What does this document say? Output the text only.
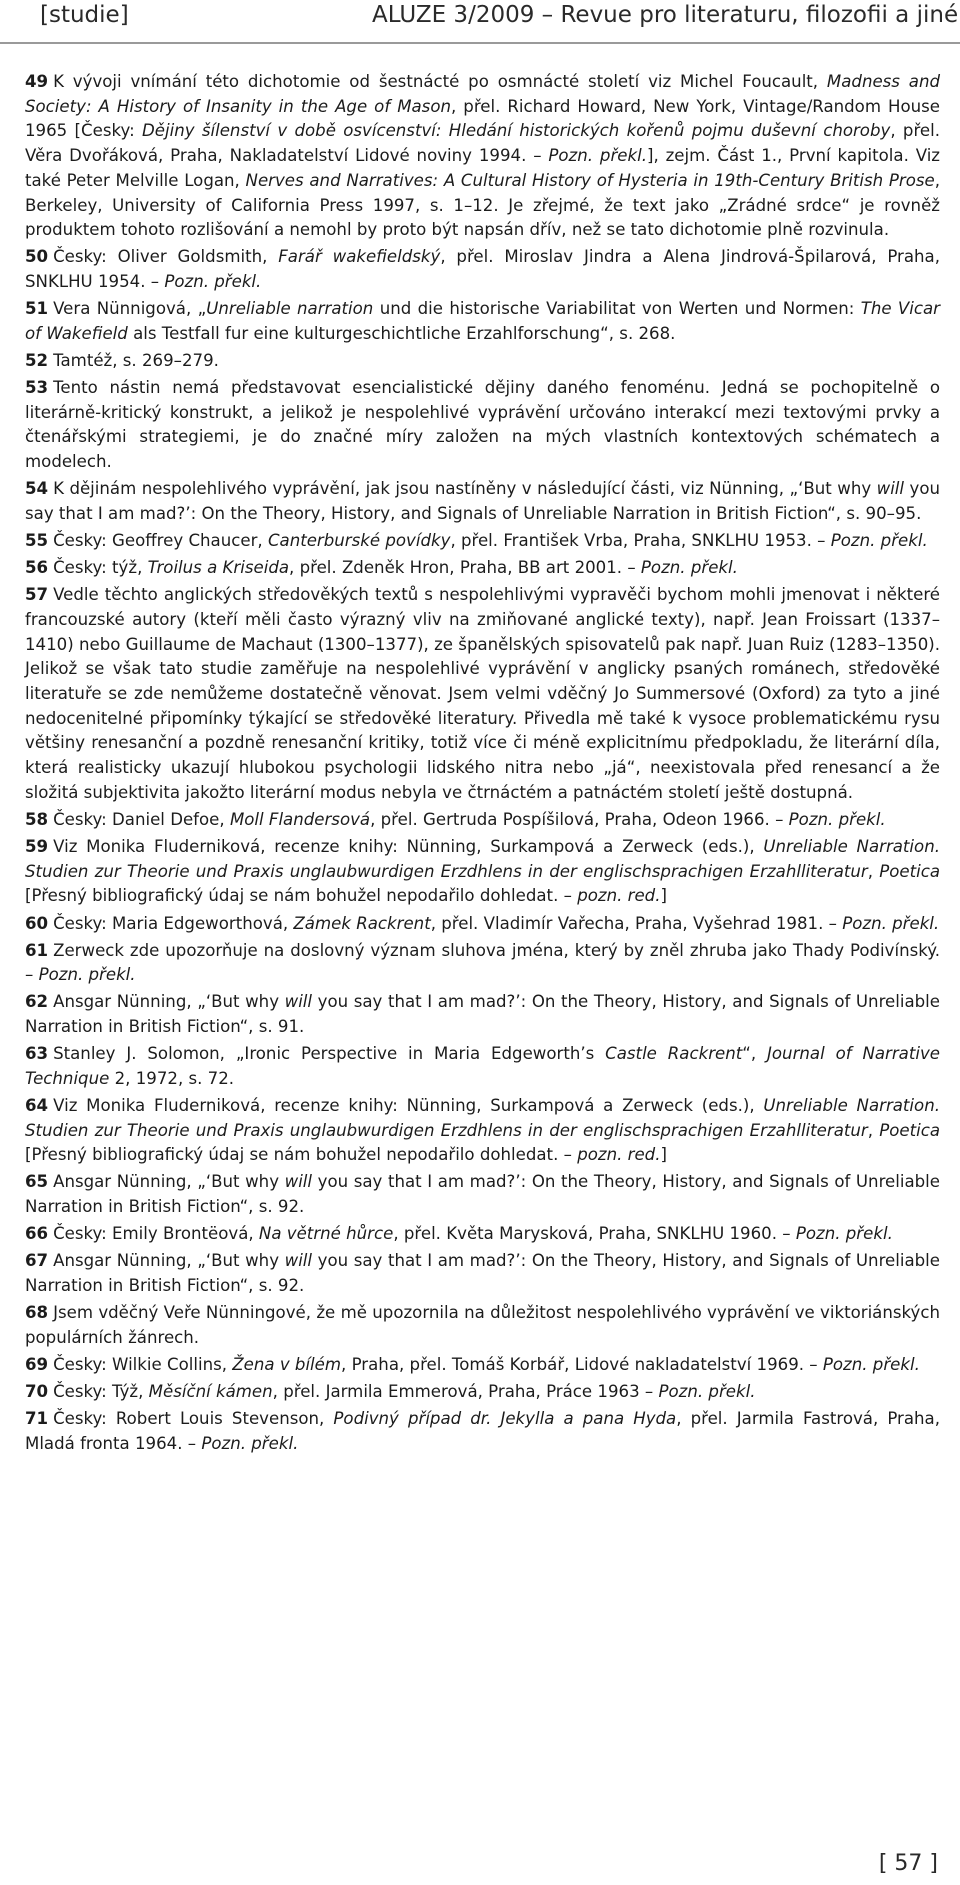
[studie]	ALUZE 3/2009 – Revue pro literaturu, filozofii a jiné

49 K vývoji vnímání této dichotomie od šestnácté po osmnácté století viz Michel Foucault, Madness and Society: A History of Insanity in the Age of Mason, přel. Richard Howard, New York, Vintage/Random House 1965 [Česky: Dějiny šílenství v době osvícenství: Hledání historických kořenů pojmu duševní choroby, přel. Věra Dvořáková, Praha, Nakladatelství Lidové noviny 1994. – Pozn. překl.], zejm. Část 1., První kapitola. Viz také Peter Melville Logan, Nerves and Narratives: A Cultural History of Hysteria in 19th-Century British Prose, Berkeley, University of California Press 1997, s. 1–12. Je zřejmé, že text jako „Zrádné srdce“ je rovněž produktem tohoto rozlišování a nemohl by proto být napsán dřív, než se tato dichotomie plně rozvinula.

50 Česky: Oliver Goldsmith, Farář wakefieldský, přel. Miroslav Jindra a Alena Jindrová-Špilarová, Praha, SNKLHU 1954. – Pozn. překl.

51 Vera Nünnigová, „Unreliable narration und die historische Variabilitat von Werten und Normen: The Vicar of Wakefield als Testfall fur eine kulturgeschichtliche Erzahlforschung“, s. 268.

52 Tamtéž, s. 269–279.

53 Tento nástin nemá představovat esencialistické dějiny daného fenoménu. Jedná se pochopitelně o literárně-kritický konstrukt, a jelikož je nespolehlivé vyprávění určováno interakcí mezi textovými prvky a čtenářskými strategiemi, je do značné míry založen na mých vlastních kontextových schématech a modelech.

54 K dějinám nespolehlivého vyprávění, jak jsou nastíněny v následující části, viz Nünning, „‘But why will you say that I am mad?’: On the Theory, History, and Signals of Unreliable Narration in British Fiction“, s. 90–95.

55 Česky: Geoffrey Chaucer, Canterburské povídky, přel. František Vrba, Praha, SNKLHU 1953. – Pozn. překl.

56 Česky: týž, Troilus a Kriseida, přel. Zdeněk Hron, Praha, BB art 2001. – Pozn. překl.

57 Vedle těchto anglických středověkých textů s nespolehlivými vypravěči bychom mohli jmenovat i některé francouzské autory (kteří měli často výrazný vliv na zmiňované anglické texty), např. Jean Froissart (1337–1410) nebo Guillaume de Machaut (1300–1377), ze španělských spisovatelů pak např. Juan Ruiz (1283–1350). Jelikož se však tato studie zaměřuje na nespolehlivé vyprávění v anglicky psaných románech, středověké literatuře se zde nemůžeme dostatečně věnovat. Jsem velmi vděčný Jo Summersové (Oxford) za tyto a jiné nedocenitelné připomínky týkající se středověké literatury. Přivedla mě také k vysoce problematickému rysu většiny renesanční a pozdně renesanční kritiky, totiž více či méně explicitnímu předpokladu, že literární díla, která realisticky ukazují hlubokou psychologii lidského nitra nebo „já“, neexistovala před renesancí a že složitá subjektivita jakožto literární modus nebyla ve čtrnáctém a patnáctém století ještě dostupná.

58 Česky: Daniel Defoe, Moll Flandersová, přel. Gertruda Pospíšilová, Praha, Odeon 1966. – Pozn. překl.

59 Viz Monika Fluderniková, recenze knihy: Nünning, Surkampová a Zerweck (eds.), Unreliable Narration. Studien zur Theorie und Praxis unglaubwurdigen Erzdhlens in der englischsprachigen Erzahlliteratur, Poetica [Přesný bibliografický údaj se nám bohužel nepodařilo dohledat. – pozn. red.]

60 Česky: Maria Edgeworthová, Zámek Rackrent, přel. Vladimír Vařecha, Praha, Vyšehrad 1981. – Pozn. překl.

61 Zerweck zde upozorňuje na doslovný význam sluhova jména, který by zněl zhruba jako Thady Podivínský. – Pozn. překl.

62 Ansgar Nünning, „‘But why will you say that I am mad?’: On the Theory, History, and Signals of Unreliable Narration in British Fiction“, s. 91.

63 Stanley J. Solomon, „Ironic Perspective in Maria Edgeworth’s Castle Rackrent“, Journal of Narrative Technique 2, 1972, s. 72.

64 Viz Monika Fluderniková, recenze knihy: Nünning, Surkampová a Zerweck (eds.), Unreliable Narration. Studien zur Theorie und Praxis unglaubwurdigen Erzdhlens in der englischsprachigen Erzahlliteratur, Poetica [Přesný bibliografický údaj se nám bohužel nepodařilo dohledat. – pozn. red.]

65 Ansgar Nünning, „‘But why will you say that I am mad?’: On the Theory, History, and Signals of Unreliable Narration in British Fiction“, s. 92.

66 Česky: Emily Brontëová, Na větrné hůrce, přel. Květa Marysková, Praha, SNKLHU 1960. – Pozn. překl.

67 Ansgar Nünning, „‘But why will you say that I am mad?’: On the Theory, History, and Signals of Unreliable Narration in British Fiction“, s. 92.

68 Jsem vděčný Veře Nünningové, že mě upozornila na důležitost nespolehlivého vyprávění ve viktoriánských populárních žánrech.

69 Česky: Wilkie Collins, Žena v bílém, Praha, přel. Tomáš Korbář, Lidové nakladatelství 1969. – Pozn. překl.

70 Česky: Týž, Měsíční kámen, přel. Jarmila Emmerová, Praha, Práce 1963 – Pozn. překl.

71 Česky: Robert Louis Stevenson, Podivný případ dr. Jekylla a pana Hyda, přel. Jarmila Fastrová, Praha, Mladá fronta 1964. – Pozn. překl.

[ 57 ]
